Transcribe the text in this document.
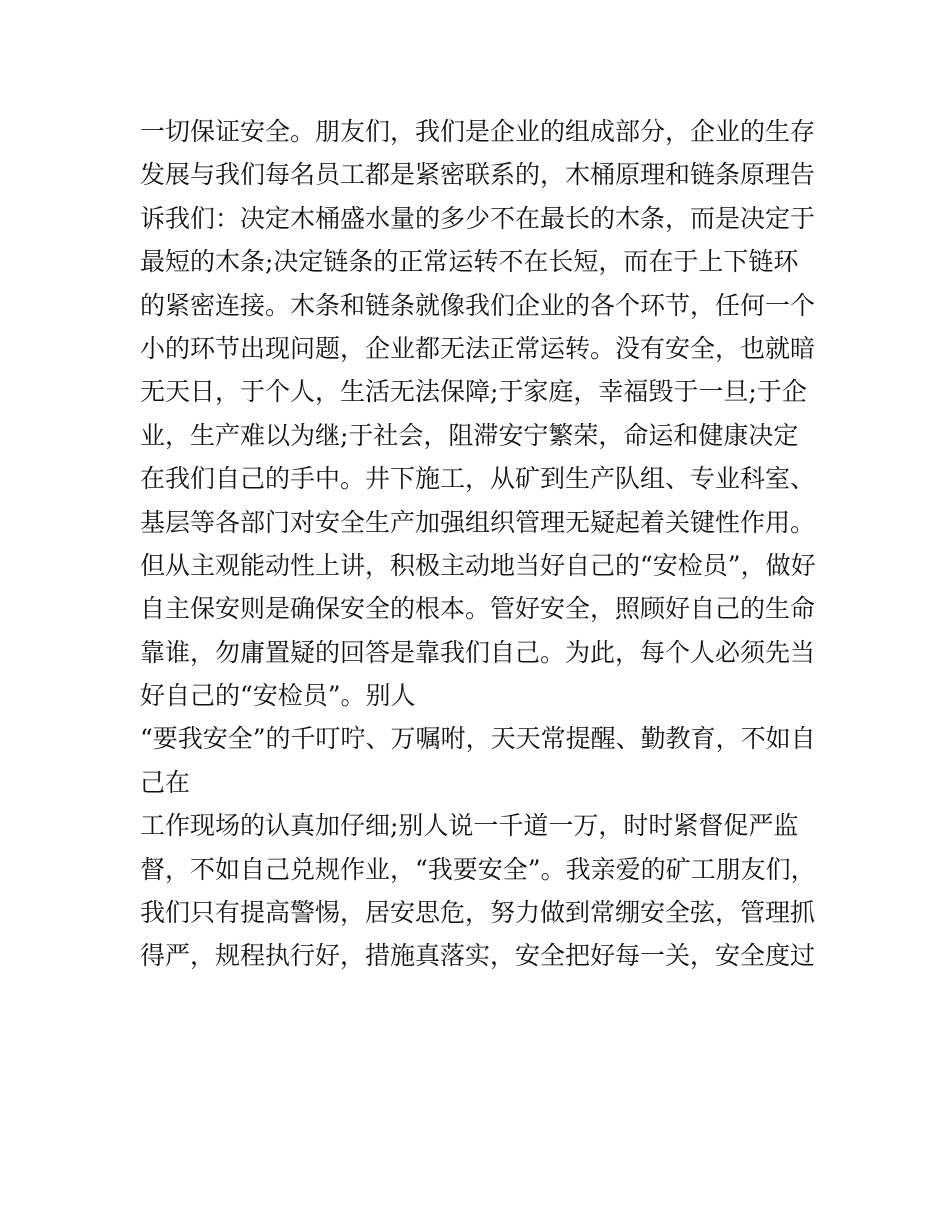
一切保证安全。朋友们，我们是企业的组成部分，企业的生存
发展与我们每名员工都是紧密联系的，木桶原理和链条原理告
诉我们：决定木桶盛水量的多少不在最长的木条，而是决定于
最短的木条;决定链条的正常运转不在长短，而在于上下链环
的紧密连接。木条和链条就像我们企业的各个环节，任何一个
小的环节出现问题，企业都无法正常运转。没有安全，也就暗
无天日，于个人，生活无法保障;于家庭，幸福毁于一旦;于企
业，生产难以为继;于社会，阻滞安宁繁荣，命运和健康决定
在我们自己的手中。井下施工，从矿到生产队组、专业科室、
基层等各部门对安全生产加强组织管理无疑起着关键性作用。
但从主观能动性上讲，积极主动地当好自己的“安检员”，做好
自主保安则是确保安全的根本。管好安全，照顾好自己的生命
靠谁，勿庸置疑的回答是靠我们自己。为此，每个人必须先当
好自己的“安检员”。别人
“要我安全”的千叮咛、万嘱咐，天天常提醒、勤教育，不如自
己在
工作现场的认真加仔细;别人说一千道一万，时时紧督促严监
督，不如自己兑规作业，“我要安全”。我亲爱的矿工朋友们，
我们只有提高警惕，居安思危，努力做到常绷安全弦，管理抓
得严，规程执行好，措施真落实，安全把好每一关，安全度过
